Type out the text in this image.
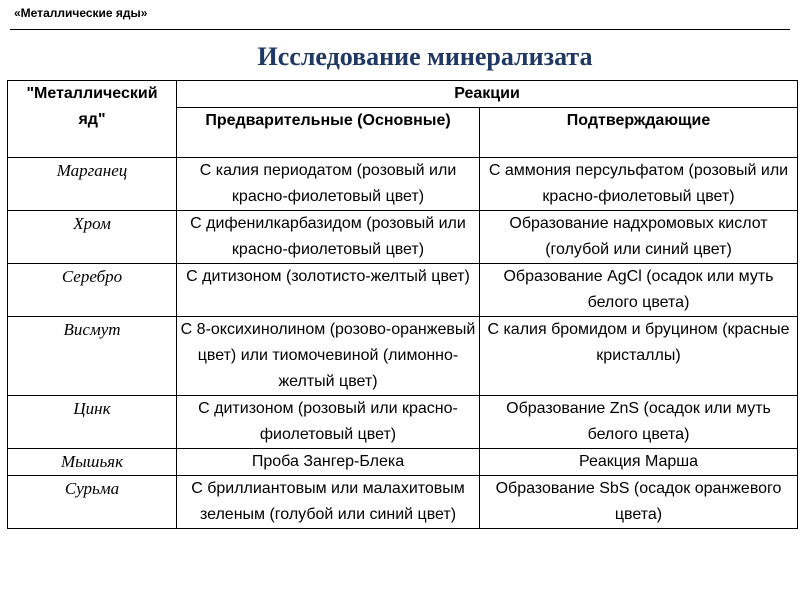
«Металлические яды»
Исследование минерализата
"Металлический яд"	Реакции	
	Предварительные (Основные)	Подтверждающие
Марганец	С калия периодатом (розовый или красно-фиолетовый цвет)	С аммония персульфатом (розовый или красно-фиолетовый цвет)
Хром	С дифенилкарбазидом (розовый или красно-фиолетовый цвет)	Образование надхромовых кислот (голубой или синий цвет)
Серебро	С дитизоном (золотисто-желтый цвет)	Образование AgCl (осадок или муть белого цвета)
Висмут	С 8-оксихинолином (розово-оранжевый цвет) или тиомочевиной (лимонно-желтый цвет)	С калия бромидом и бруцином (красные кристаллы)
Цинк	С дитизоном (розовый или красно-фиолетовый цвет)	Образование ZnS (осадок или муть белого цвета)
Мышьяк	Проба Зангер-Блека	Реакция Марша
Сурьма	С бриллиантовым или малахитовым зеленым (голубой или синий цвет)	Образование SbS (осадок оранжевого цвета)
